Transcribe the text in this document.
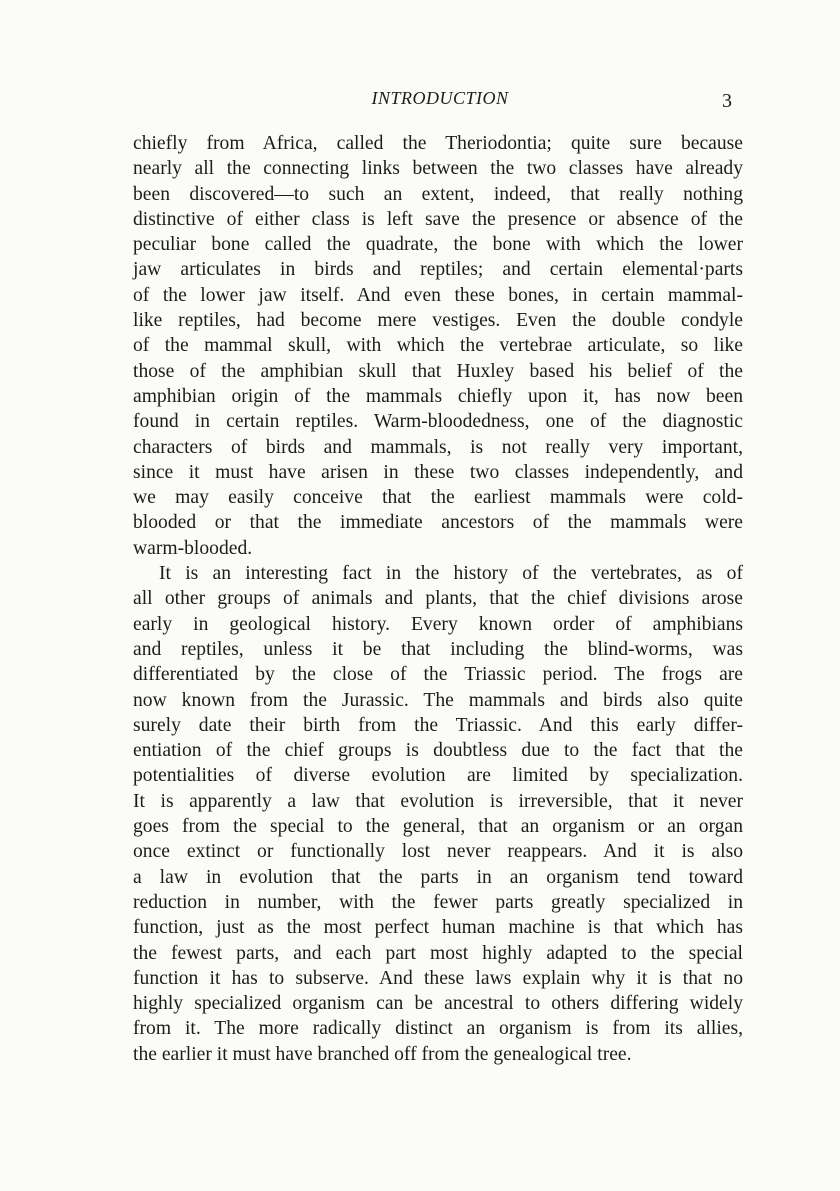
INTRODUCTION	3
chiefly from Africa, called the Theriodontia; quite sure because
nearly all the connecting links between the two classes have already
been discovered—to such an extent, indeed, that really nothing
distinctive of either class is left save the presence or absence of the
peculiar bone called the quadrate, the bone with which the lower
jaw articulates in birds and reptiles; and certain elemental·parts
of the lower jaw itself. And even these bones, in certain mammal-
like reptiles, had become mere vestiges. Even the double condyle
of the mammal skull, with which the vertebrae articulate, so like
those of the amphibian skull that Huxley based his belief of the
amphibian origin of the mammals chiefly upon it, has now been
found in certain reptiles. Warm-bloodedness, one of the diagnostic
characters of birds and mammals, is not really very important,
since it must have arisen in these two classes independently, and
we may easily conceive that the earliest mammals were cold-
blooded or that the immediate ancestors of the mammals were
warm-blooded.
It is an interesting fact in the history of the vertebrates, as of
all other groups of animals and plants, that the chief divisions arose
early in geological history. Every known order of amphibians
and reptiles, unless it be that including the blind-worms, was
differentiated by the close of the Triassic period. The frogs are
now known from the Jurassic. The mammals and birds also quite
surely date their birth from the Triassic. And this early differ-
entiation of the chief groups is doubtless due to the fact that the
potentialities of diverse evolution are limited by specialization.
It is apparently a law that evolution is irreversible, that it never
goes from the special to the general, that an organism or an organ
once extinct or functionally lost never reappears. And it is also
a law in evolution that the parts in an organism tend toward
reduction in number, with the fewer parts greatly specialized in
function, just as the most perfect human machine is that which has
the fewest parts, and each part most highly adapted to the special
function it has to subserve. And these laws explain why it is that no
highly specialized organism can be ancestral to others differing widely
from it. The more radically distinct an organism is from its allies,
the earlier it must have branched off from the genealogical tree.
